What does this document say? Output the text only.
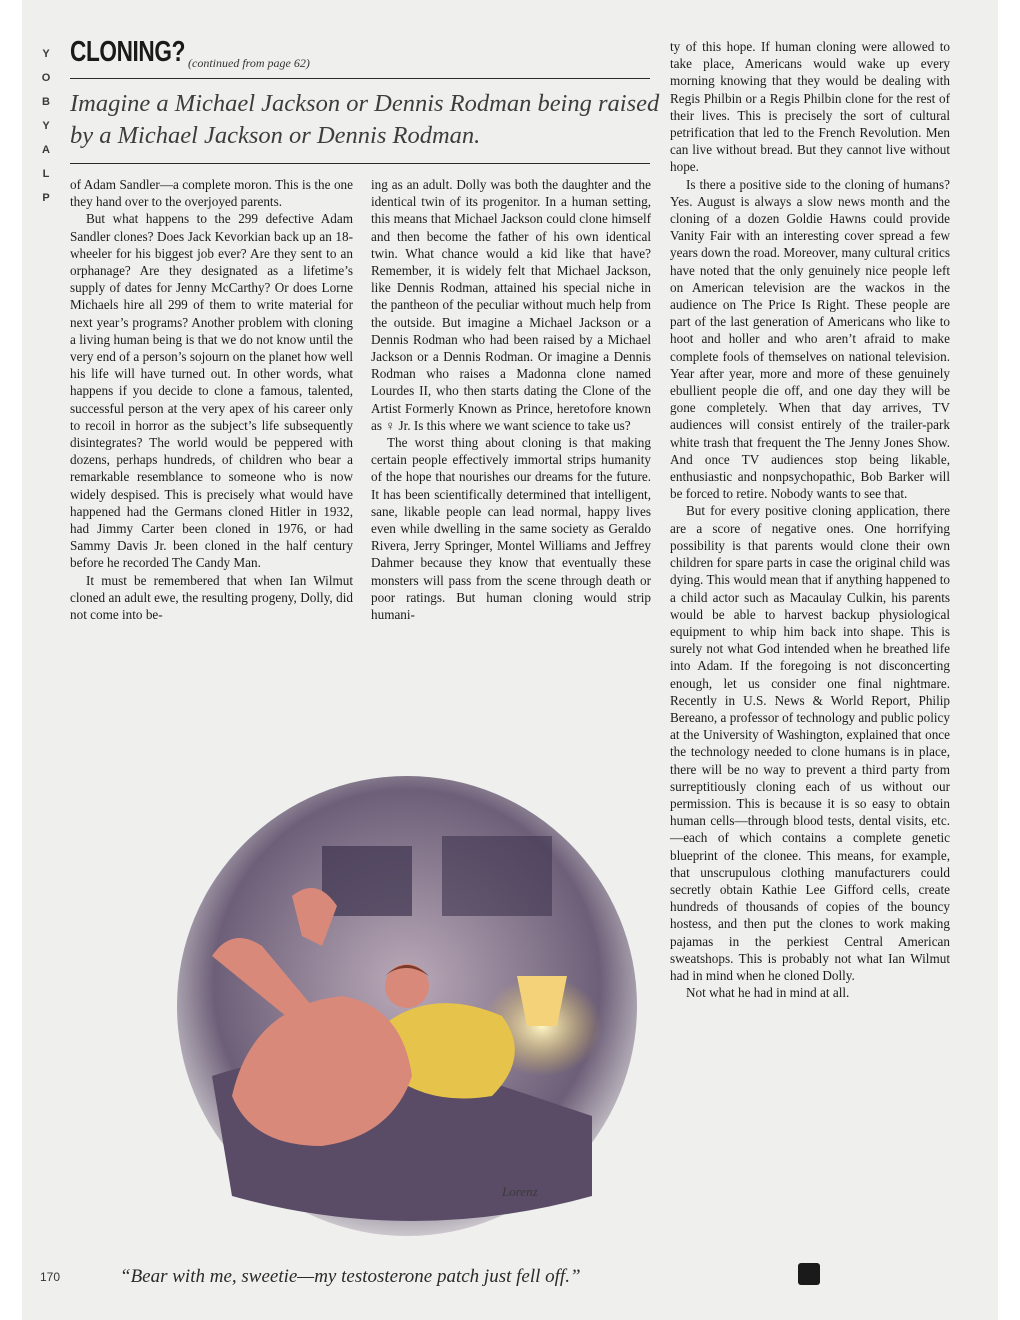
Y
O
B
Y
A
L
P
CLONING? (continued from page 62)
Imagine a Michael Jackson or Dennis Rodman being raised by a Michael Jackson or Dennis Rodman.

of Adam Sandler—a complete moron. This is the one they hand over to the overjoyed parents.

But what happens to the 299 defective Adam Sandler clones? Does Jack Kevorkian back up an 18-wheeler for his biggest job ever? Are they sent to an orphanage? Are they designated as a lifetime’s supply of dates for Jenny McCarthy? Or does Lorne Michaels hire all 299 of them to write material for next year’s programs? Another problem with cloning a living human being is that we do not know until the very end of a person’s sojourn on the planet how well his life will have turned out. In other words, what happens if you decide to clone a famous, talented, successful person at the very apex of his career only to recoil in horror as the subject’s life subsequently disintegrates? The world would be peppered with dozens, perhaps hundreds, of children who bear a remarkable resemblance to someone who is now widely despised. This is precisely what would have happened had the Germans cloned Hitler in 1932, had Jimmy Carter been cloned in 1976, or had Sammy Davis Jr. been cloned in the half century before he recorded The Candy Man.

It must be remembered that when Ian Wilmut cloned an adult ewe, the resulting progeny, Dolly, did not come into be-

ing as an adult. Dolly was both the daughter and the identical twin of its progenitor. In a human setting, this means that Michael Jackson could clone himself and then become the father of his own identical twin. What chance would a kid like that have? Remember, it is widely felt that Michael Jackson, like Dennis Rodman, attained his special niche in the pantheon of the peculiar without much help from the outside. But imagine a Michael Jackson or a Dennis Rodman who had been raised by a Michael Jackson or a Dennis Rodman. Or imagine a Dennis Rodman who raises a Madonna clone named Lourdes II, who then starts dating the Clone of the Artist Formerly Known as Prince, heretofore known as ♀ Jr. Is this where we want science to take us?

The worst thing about cloning is that making certain people effectively immortal strips humanity of the hope that nourishes our dreams for the future. It has been scientifically determined that intelligent, sane, likable people can lead normal, happy lives even while dwelling in the same society as Geraldo Rivera, Jerry Springer, Montel Williams and Jeffrey Dahmer because they know that eventually these monsters will pass from the scene through death or poor ratings. But human cloning would strip humani-

ty of this hope. If human cloning were allowed to take place, Americans would wake up every morning knowing that they would be dealing with Regis Philbin or a Regis Philbin clone for the rest of their lives. This is precisely the sort of cultural petrification that led to the French Revolution. Men can live without bread. But they cannot live without hope.

Is there a positive side to the cloning of humans? Yes. August is always a slow news month and the cloning of a dozen Goldie Hawns could provide Vanity Fair with an interesting cover spread a few years down the road. Moreover, many cultural critics have noted that the only genuinely nice people left on American television are the wackos in the audience on The Price Is Right. These people are part of the last generation of Americans who like to hoot and holler and who aren’t afraid to make complete fools of themselves on national television. Year after year, more and more of these genuinely ebullient people die off, and one day they will be gone completely. When that day arrives, TV audiences will consist entirely of the trailer-park white trash that frequent the The Jenny Jones Show. And once TV audiences stop being likable, enthusiastic and nonpsychopathic, Bob Barker will be forced to retire. Nobody wants to see that.

But for every positive cloning application, there are a score of negative ones. One horrifying possibility is that parents would clone their own children for spare parts in case the original child was dying. This would mean that if anything happened to a child actor such as Macaulay Culkin, his parents would be able to harvest backup physiological equipment to whip him back into shape. This is surely not what God intended when he breathed life into Adam. If the foregoing is not disconcerting enough, let us consider one final nightmare. Recently in U.S. News & World Report, Philip Bereano, a professor of technology and public policy at the University of Washington, explained that once the technology needed to clone humans is in place, there will be no way to prevent a third party from surreptitiously cloning each of us without our permission. This is because it is so easy to obtain human cells—through blood tests, dental visits, etc.—each of which contains a complete genetic blueprint of the clonee. This means, for example, that unscrupulous clothing manufacturers could secretly obtain Kathie Lee Gifford cells, create hundreds of thousands of copies of the bouncy hostess, and then put the clones to work making pajamas in the perkiest Central American sweatshops. This is probably not what Ian Wilmut had in mind when he cloned Dolly.

Not what he had in mind at all.

Lorenz
170	“Bear with me, sweetie—my testosterone patch just fell off.”
